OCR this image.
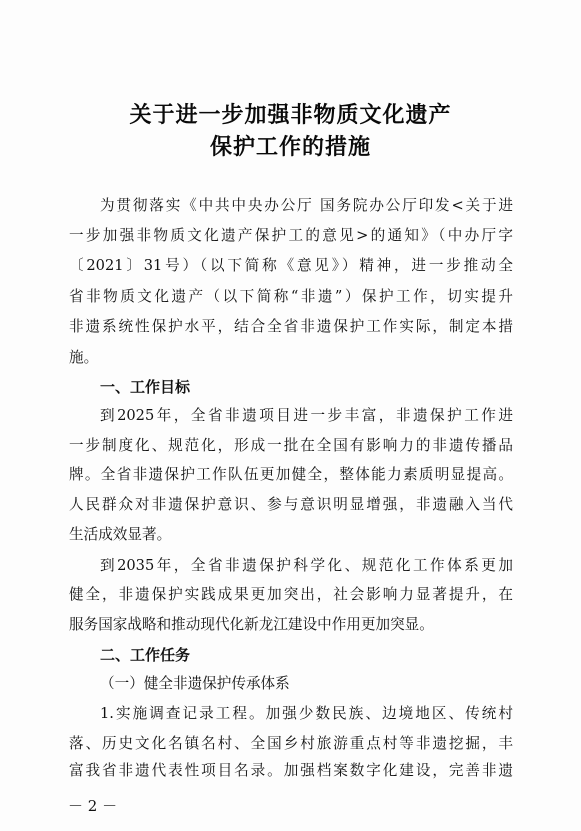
关于进一步加强非物质文化遗产
保护工作的措施
为贯彻落实《中共中央办公厅 国务院办公厅印发<关于进
一步加强非物质文化遗产保护工的意见>的通知》（中办厅字
〔2021〕31号）（以下简称《意见》）精神，进一步推动全
省非物质文化遗产（以下简称“非遗”）保护工作，切实提升
非遗系统性保护水平，结合全省非遗保护工作实际，制定本措
施。
一、工作目标
到2025年，全省非遗项目进一步丰富，非遗保护工作进
一步制度化、规范化，形成一批在全国有影响力的非遗传播品
牌。全省非遗保护工作队伍更加健全，整体能力素质明显提高。
人民群众对非遗保护意识、参与意识明显增强，非遗融入当代
生活成效显著。
到2035年，全省非遗保护科学化、规范化工作体系更加
健全，非遗保护实践成果更加突出，社会影响力显著提升，在
服务国家战略和推动现代化新龙江建设中作用更加突显。
二、工作任务
（一）健全非遗保护传承体系
1.实施调查记录工程。加强少数民族、边境地区、传统村
落、历史文化名镇名村、全国乡村旅游重点村等非遗挖掘，丰
富我省非遗代表性项目名录。加强档案数字化建设，完善非遗
－ 2 －
